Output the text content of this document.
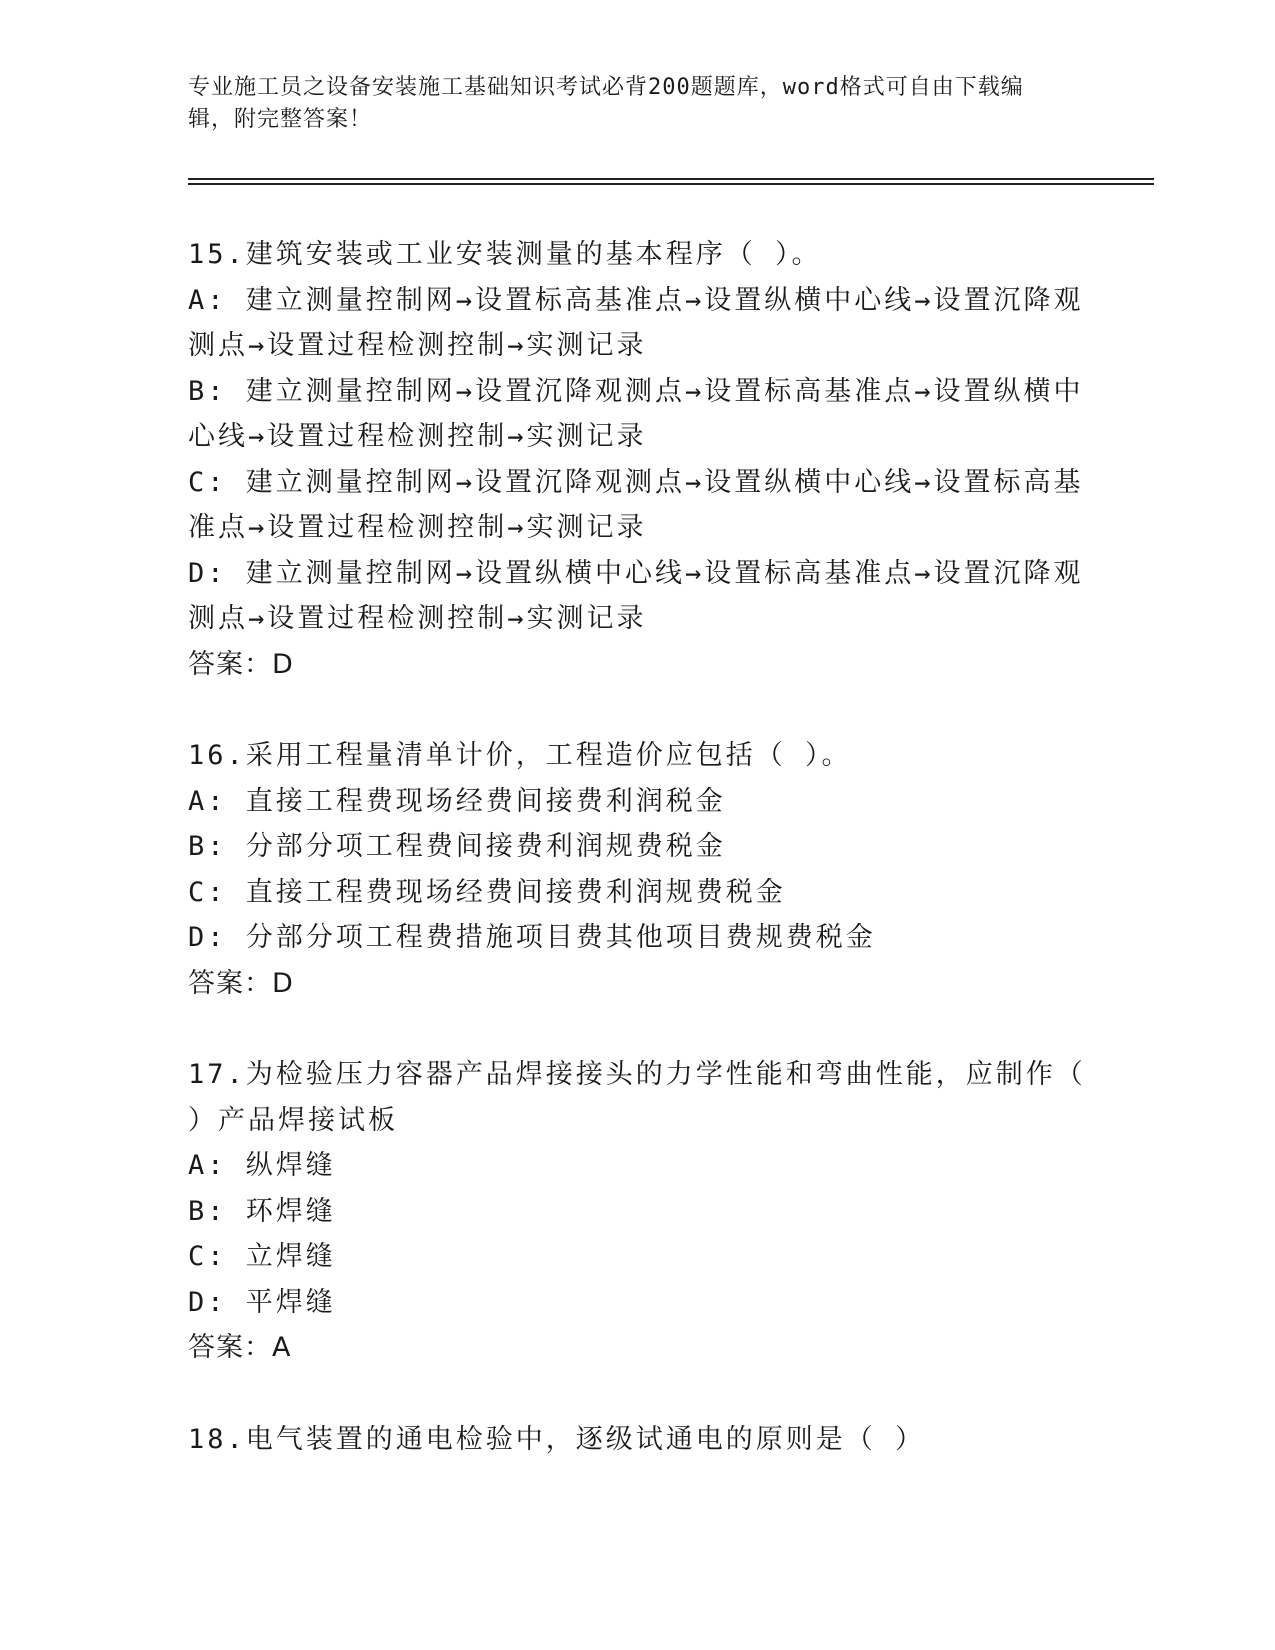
专业施工员之设备安装施工基础知识考试必背200题题库，word格式可自由下载编辑，附完整答案！
15.建筑安装或工业安装测量的基本程序（ ）。
A: 建立测量控制网→设置标高基准点→设置纵横中心线→设置沉降观测点→设置过程检测控制→实测记录
B: 建立测量控制网→设置沉降观测点→设置标高基准点→设置纵横中心线→设置过程检测控制→实测记录
C: 建立测量控制网→设置沉降观测点→设置纵横中心线→设置标高基准点→设置过程检测控制→实测记录
D: 建立测量控制网→设置纵横中心线→设置标高基准点→设置沉降观测点→设置过程检测控制→实测记录
答案：D
16.采用工程量清单计价，工程造价应包括（ ）。
A: 直接工程费现场经费间接费利润税金
B: 分部分项工程费间接费利润规费税金
C: 直接工程费现场经费间接费利润规费税金
D: 分部分项工程费措施项目费其他项目费规费税金
答案：D
17.为检验压力容器产品焊接接头的力学性能和弯曲性能，应制作（ ）产品焊接试板
A: 纵焊缝
B: 环焊缝
C: 立焊缝
D: 平焊缝
答案：A
18.电气装置的通电检验中，逐级试通电的原则是（ ）
